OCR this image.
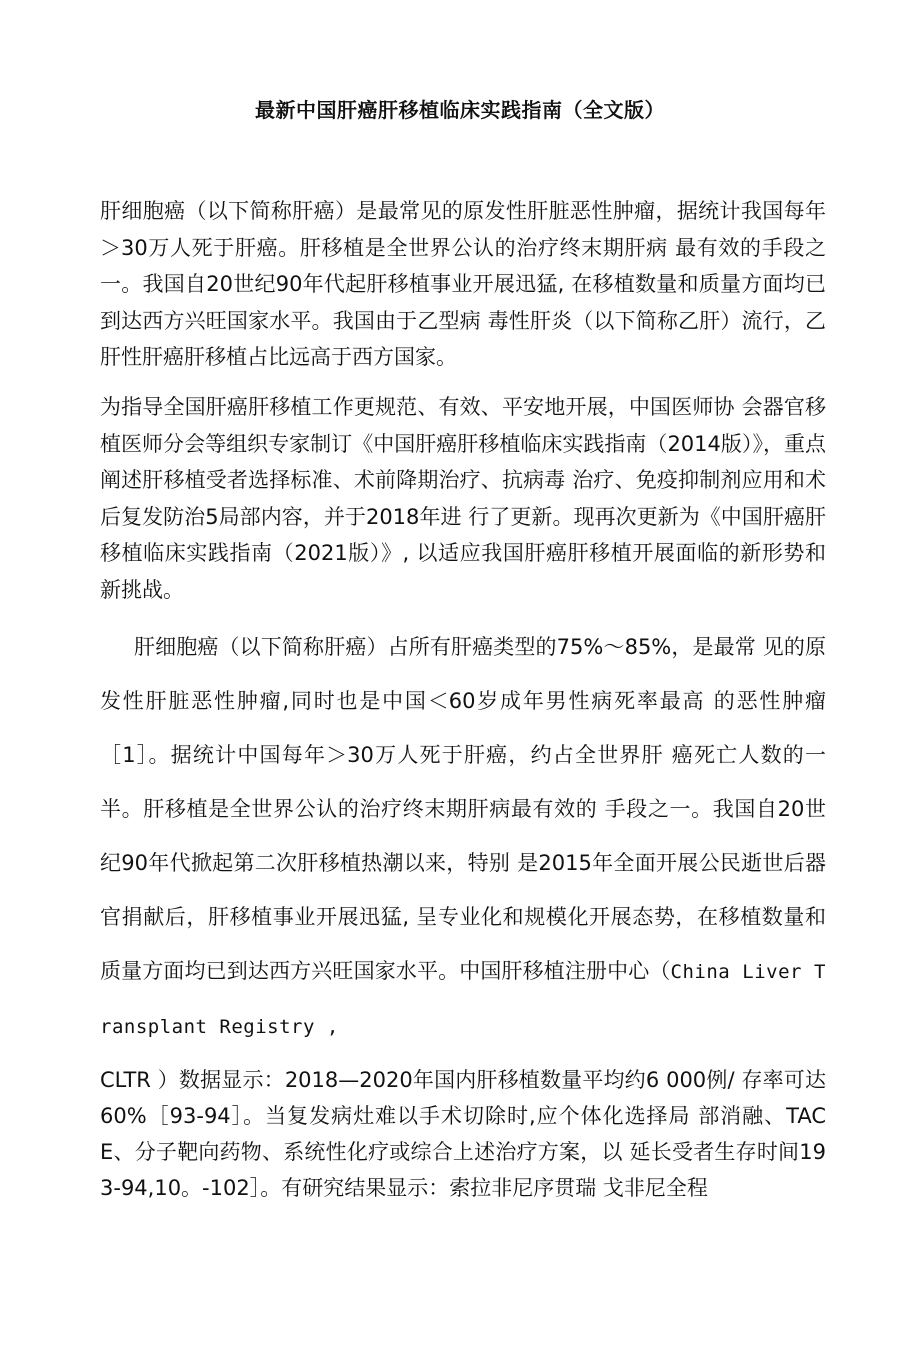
最新中国肝癌肝移植临床实践指南（全文版）

肝细胞癌（以下简称肝癌）是最常见的原发性肝脏恶性肿瘤，据统计我国每年＞30万人死于肝癌。肝移植是全世界公认的治疗终末期肝病 最有效的手段之一。我国自20世纪90年代起肝移植事业开展迅猛, 在移植数量和质量方面均已到达西方兴旺国家水平。我国由于乙型病 毒性肝炎（以下简称乙肝）流行，乙肝性肝癌肝移植占比远高于西方国家。

为指导全国肝癌肝移植工作更规范、有效、平安地开展，中国医师协 会器官移植医师分会等组织专家制订《中国肝癌肝移植临床实践指南（2014版）》，重点阐述肝移植受者选择标准、术前降期治疗、抗病毒 治疗、免疫抑制剂应用和术后复发防治5局部内容，并于2018年进 行了更新。现再次更新为《中国肝癌肝移植临床实践指南（2021版）》, 以适应我国肝癌肝移植开展面临的新形势和新挑战。

肝细胞癌（以下简称肝癌）占所有肝癌类型的75%〜85%，是最常 见的原发性肝脏恶性肿瘤,同时也是中国＜60岁成年男性病死率最高 的恶性肿瘤［1］。据统计中国每年＞30万人死于肝癌，约占全世界肝 癌死亡人数的一半。肝移植是全世界公认的治疗终末期肝病最有效的 手段之一。我国自20世纪90年代掀起第二次肝移植热潮以来，特别 是2015年全面开展公民逝世后器官捐献后，肝移植事业开展迅猛, 呈专业化和规模化开展态势，在移植数量和质量方面均已到达西方兴旺国家水平。中国肝移植注册中心（China Liver Transplant Registry ,

CLTR ）数据显示：2018—2020年国内肝移植数量平均约6 000例/ 存率可达60%［93-94］。当复发病灶难以手术切除时,应个体化选择局 部消融、TACE、分子靶向药物、系统性化疗或综合上述治疗方案，以 延长受者生存时间193-94,10。-102］。有研究结果显示：索拉非尼序贯瑞 戈非尼全程
